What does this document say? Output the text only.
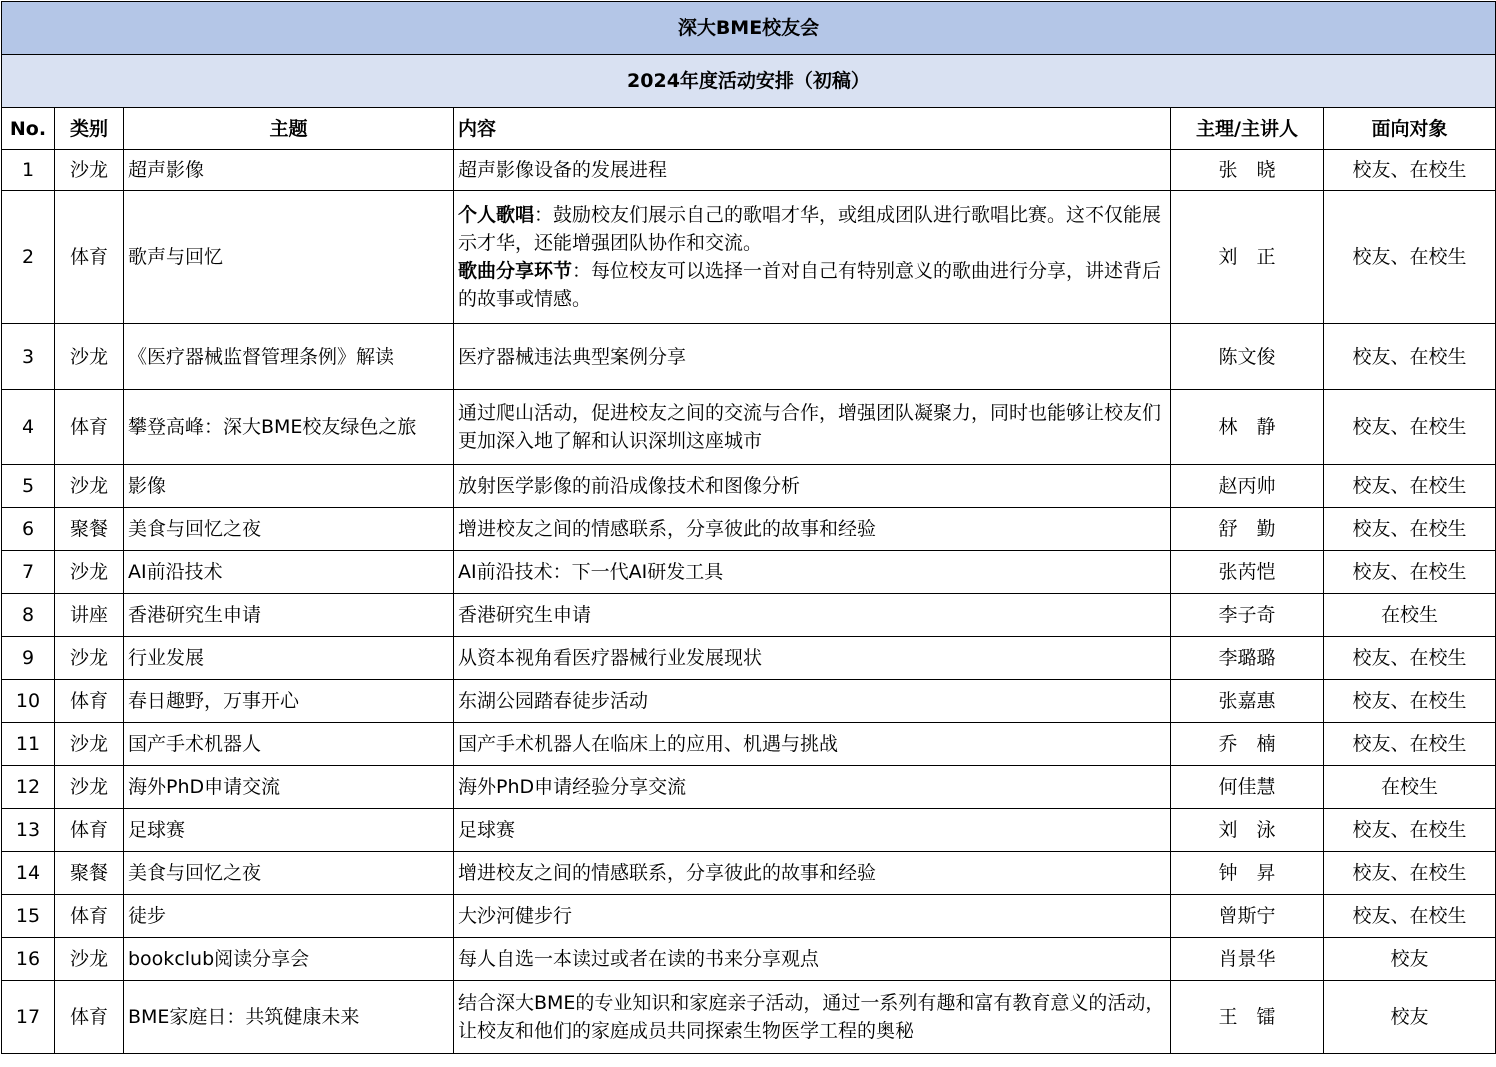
深大BME校友会					
2024年度活动安排（初稿）					
No.	类别	主题	内容	主理/主讲人	面向对象
1	沙龙	超声影像	超声影像设备的发展进程	张　晓	校友、在校生
2	体育	歌声与回忆	个人歌唱：鼓励校友们展示自己的歌唱才华，或组成团队进行歌唱比赛。这不仅能展示才华，还能增强团队协作和交流。
歌曲分享环节：每位校友可以选择一首对自己有特别意义的歌曲进行分享，讲述背后的故事或情感。	刘　正	校友、在校生
3	沙龙	《医疗器械监督管理条例》解读	医疗器械违法典型案例分享	陈文俊	校友、在校生
4	体育	攀登高峰：深大BME校友绿色之旅	通过爬山活动，促进校友之间的交流与合作，增强团队凝聚力，同时也能够让校友们更加深入地了解和认识深圳这座城市	林　静	校友、在校生
5	沙龙	影像	放射医学影像的前沿成像技术和图像分析	赵丙帅	校友、在校生
6	聚餐	美食与回忆之夜	增进校友之间的情感联系，分享彼此的故事和经验	舒　勤	校友、在校生
7	沙龙	AI前沿技术	AI前沿技术：下一代AI研发工具	张芮恺	校友、在校生
8	讲座	香港研究生申请	香港研究生申请	李子奇	在校生
9	沙龙	行业发展	从资本视角看医疗器械行业发展现状	李璐璐	校友、在校生
10	体育	春日趣野，万事开心	东湖公园踏春徒步活动	张嘉惠	校友、在校生
11	沙龙	国产手术机器人	国产手术机器人在临床上的应用、机遇与挑战	乔　楠	校友、在校生
12	沙龙	海外PhD申请交流	海外PhD申请经验分享交流	何佳慧	在校生
13	体育	足球赛	足球赛	刘　泳	校友、在校生
14	聚餐	美食与回忆之夜	增进校友之间的情感联系，分享彼此的故事和经验	钟　昇	校友、在校生
15	体育	徒步	大沙河健步行	曾斯宁	校友、在校生
16	沙龙	bookclub阅读分享会	每人自选一本读过或者在读的书来分享观点	肖景华	校友
17	体育	BME家庭日：共筑健康未来	结合深大BME的专业知识和家庭亲子活动，通过一系列有趣和富有教育意义的活动，让校友和他们的家庭成员共同探索生物医学工程的奥秘	王　镭	校友
